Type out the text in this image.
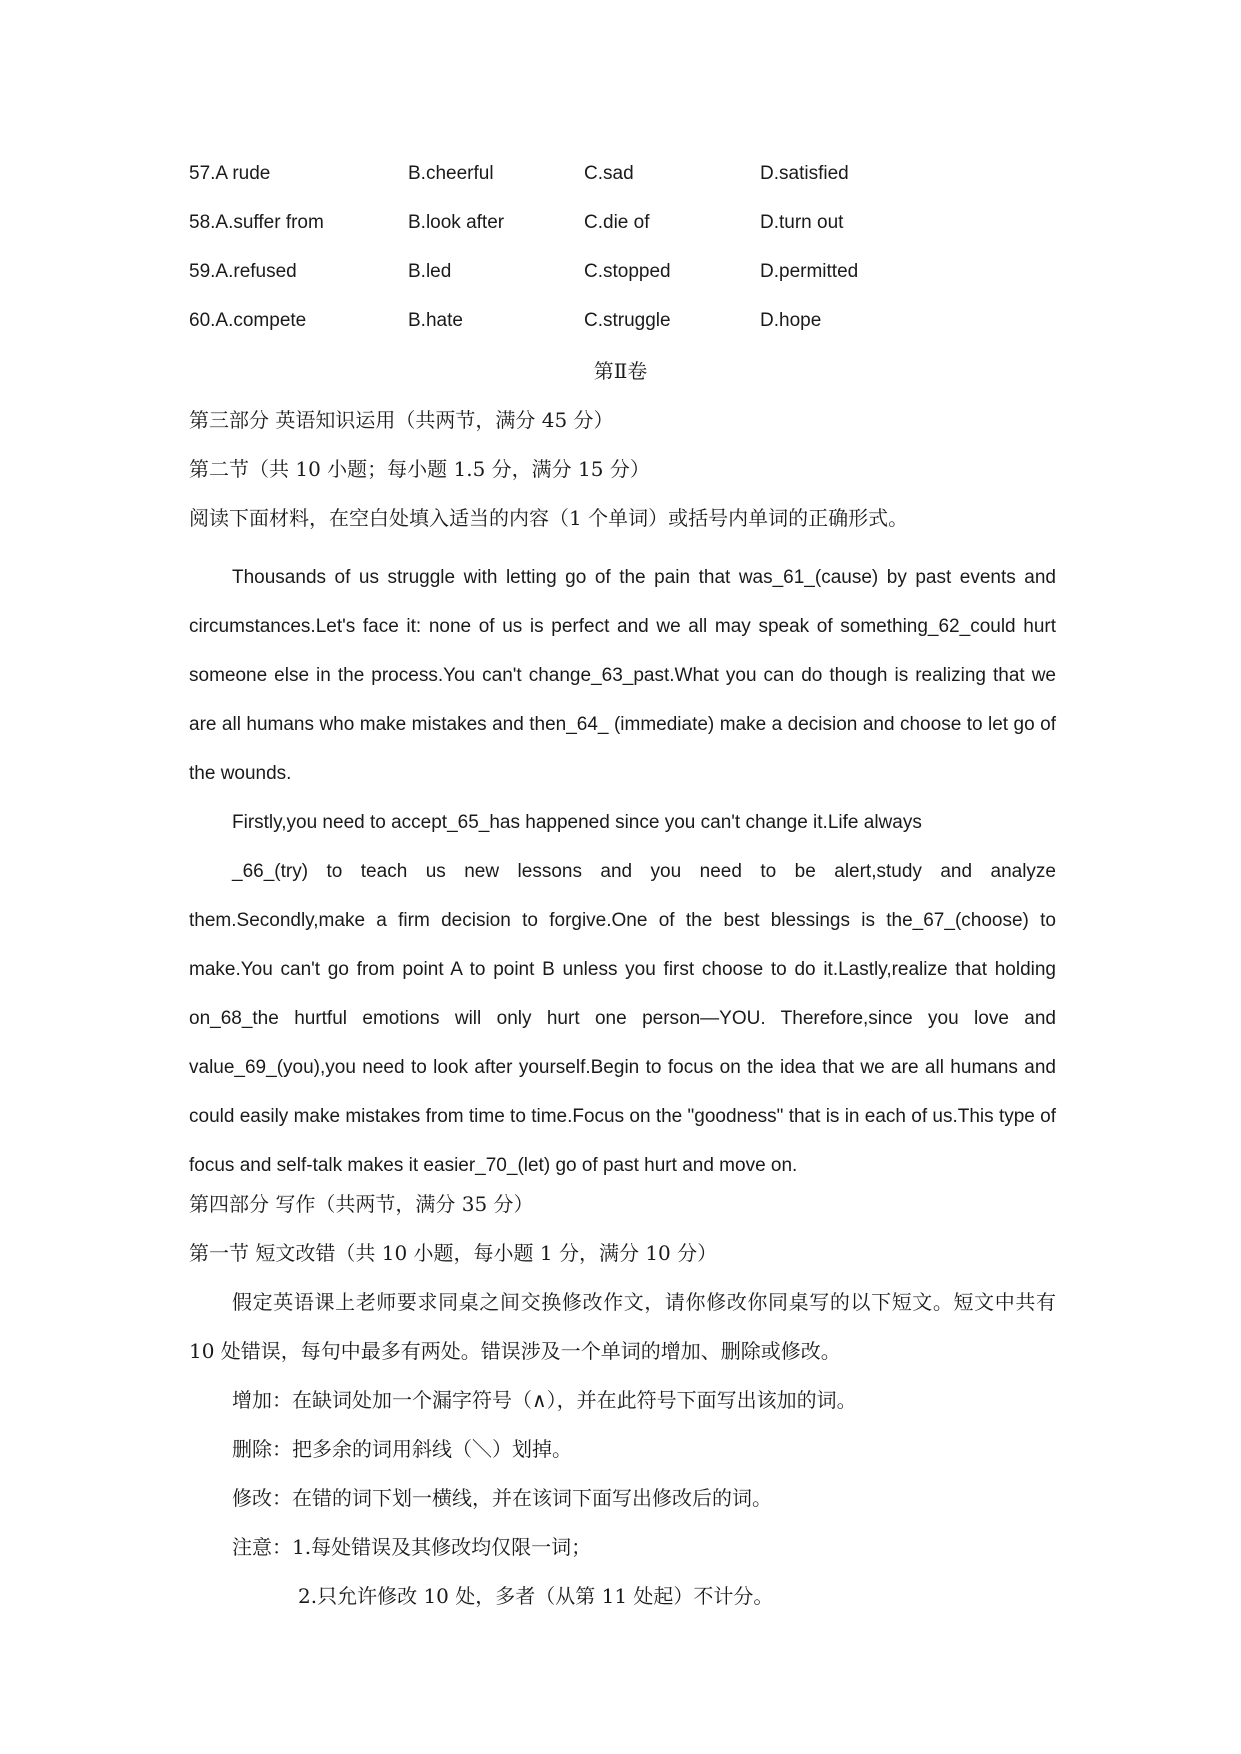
57.A rude	B.cheerful	C.sad	D.satisfied
58.A.suffer from	B.look after	C.die of	D.turn out
59.A.refused	B.led	C.stopped	D.permitted
60.A.compete	B.hate	C.struggle	D.hope
第Ⅱ卷
第三部分 英语知识运用（共两节，满分 45 分）
第二节（共 10 小题；每小题 1.5 分，满分 15 分）
阅读下面材料，在空白处填入适当的内容（1 个单词）或括号内单词的正确形式。

Thousands of us struggle with letting go of the pain that was_61_(cause) by past events and circumstances.Let's face it: none of us is perfect and we all may speak of something_62_could hurt someone else in the process.You can't change_63_past.What you can do though is realizing that we are all humans who make mistakes and then_64_ (immediate) make a decision and choose to let go of the wounds.

Firstly,you need to accept_65_has happened since you can't change it.Life always

_66_(try) to teach us new lessons and you need to be alert,study and analyze them.Secondly,make a firm decision to forgive.One of the best blessings is the_67_(choose) to make.You can't go from point A to point B unless you first choose to do it.Lastly,realize that holding on_68_the hurtful emotions will only hurt one person—YOU. Therefore,since you love and value_69_(you),you need to look after yourself.Begin to focus on the idea that we are all humans and could easily make mistakes from time to time.Focus on the "goodness" that is in each of us.This type of focus and self-talk makes it easier_70_(let) go of past hurt and move on.

第四部分 写作（共两节，满分 35 分）
第一节 短文改错（共 10 小题，每小题 1 分，满分 10 分）

假定英语课上老师要求同桌之间交换修改作文，请你修改你同桌写的以下短文。短文中共有 10 处错误，每句中最多有两处。错误涉及一个单词的增加、删除或修改。

增加：在缺词处加一个漏字符号（∧），并在此符号下面写出该加的词。

删除：把多余的词用斜线（＼）划掉。

修改：在错的词下划一横线，并在该词下面写出修改后的词。

注意：1.每处错误及其修改均仅限一词；

2.只允许修改 10 处，多者（从第 11 处起）不计分。
